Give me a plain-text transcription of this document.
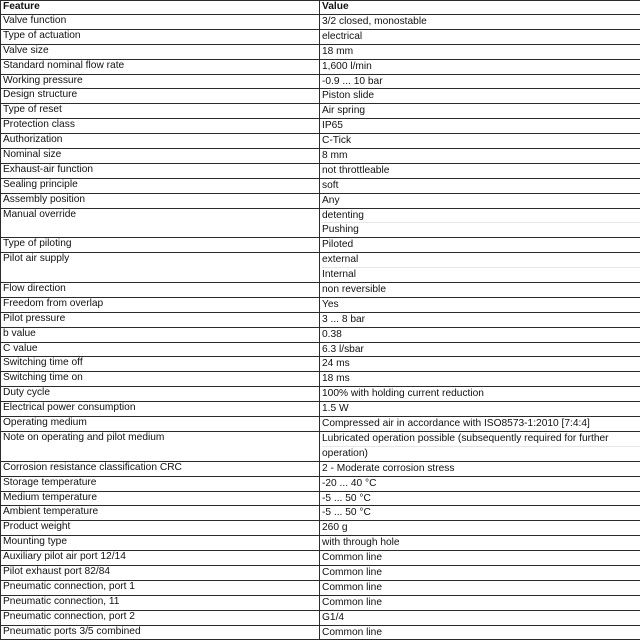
Feature	Value
Valve function	3/2 closed, monostable

Type of actuation	electrical

Valve size	18 mm

Standard nominal flow rate	1,600 l/min

Working pressure	-0.9 ... 10 bar

Design structure	Piston slide

Type of reset	Air spring

Protection class	IP65

Authorization	C-Tick

Nominal size	8 mm

Exhaust-air function	not throttleable

Sealing principle	soft

Assembly position	Any

Manual override	detenting
Pushing

Type of piloting	Piloted

Pilot air supply	external
Internal

Flow direction	non reversible

Freedom from overlap	Yes

Pilot pressure	3 ... 8 bar

b value	0.38

C value	6.3 l/sbar

Switching time off	24 ms

Switching time on	18 ms

Duty cycle	100% with holding current reduction

Electrical power consumption	1.5 W

Operating medium	Compressed air in accordance with ISO8573-1:2010 [7:4:4]

Note on operating and pilot medium	Lubricated operation possible (subsequently required for further
operation)

Corrosion resistance classification CRC	2 - Moderate corrosion stress

Storage temperature	-20 ... 40 °C

Medium temperature	-5 ... 50 °C

Ambient temperature	-5 ... 50 °C

Product weight	260 g

Mounting type	with through hole

Auxiliary pilot air port 12/14	Common line

Pilot exhaust port 82/84	Common line

Pneumatic connection, port 1	Common line

Pneumatic connection, 11	Common line

Pneumatic connection, port 2	G1/4

Pneumatic ports 3/5 combined	Common line
